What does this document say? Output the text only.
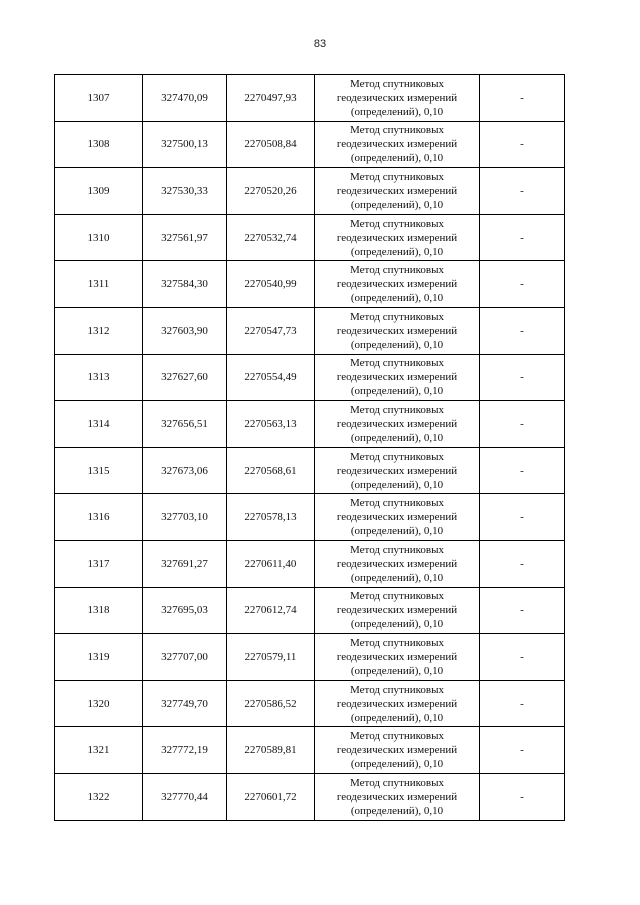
83
1307	327470,09	2270497,93	Метод спутниковых
геодезических измерений
(определений), 0,10	-
1308	327500,13	2270508,84	Метод спутниковых
геодезических измерений
(определений), 0,10	-
1309	327530,33	2270520,26	Метод спутниковых
геодезических измерений
(определений), 0,10	-
1310	327561,97	2270532,74	Метод спутниковых
геодезических измерений
(определений), 0,10	-
1311	327584,30	2270540,99	Метод спутниковых
геодезических измерений
(определений), 0,10	-
1312	327603,90	2270547,73	Метод спутниковых
геодезических измерений
(определений), 0,10	-
1313	327627,60	2270554,49	Метод спутниковых
геодезических измерений
(определений), 0,10	-
1314	327656,51	2270563,13	Метод спутниковых
геодезических измерений
(определений), 0,10	-
1315	327673,06	2270568,61	Метод спутниковых
геодезических измерений
(определений), 0,10	-
1316	327703,10	2270578,13	Метод спутниковых
геодезических измерений
(определений), 0,10	-
1317	327691,27	2270611,40	Метод спутниковых
геодезических измерений
(определений), 0,10	-
1318	327695,03	2270612,74	Метод спутниковых
геодезических измерений
(определений), 0,10	-
1319	327707,00	2270579,11	Метод спутниковых
геодезических измерений
(определений), 0,10	-
1320	327749,70	2270586,52	Метод спутниковых
геодезических измерений
(определений), 0,10	-
1321	327772,19	2270589,81	Метод спутниковых
геодезических измерений
(определений), 0,10	-
1322	327770,44	2270601,72	Метод спутниковых
геодезических измерений
(определений), 0,10	-
